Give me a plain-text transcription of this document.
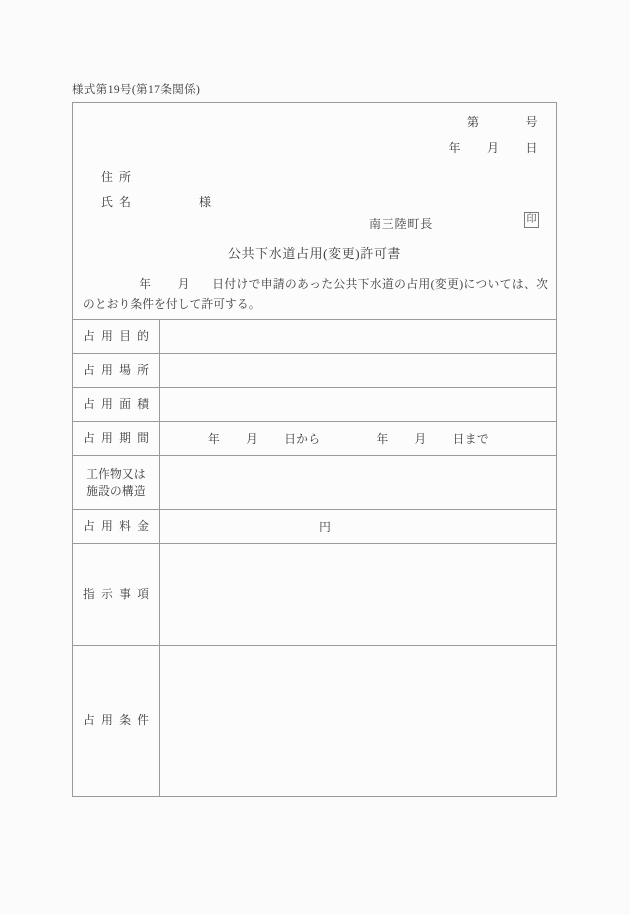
様式第19号(第17条関係)
第	号
年 月 日
住所
氏名	様
南三陸町長	印
公共下水道占用(変更)許可書
年 月 日付けで申請のあった公共下水道の占用(変更)については、次のとおり条件を付して許可する。
占用目的	

占用場所	

占用面積	

占用期間	年 月 日から 年 月 日まで

工作物又は
施設の構造	

占用料金	円

指示事項	

占用条件	
